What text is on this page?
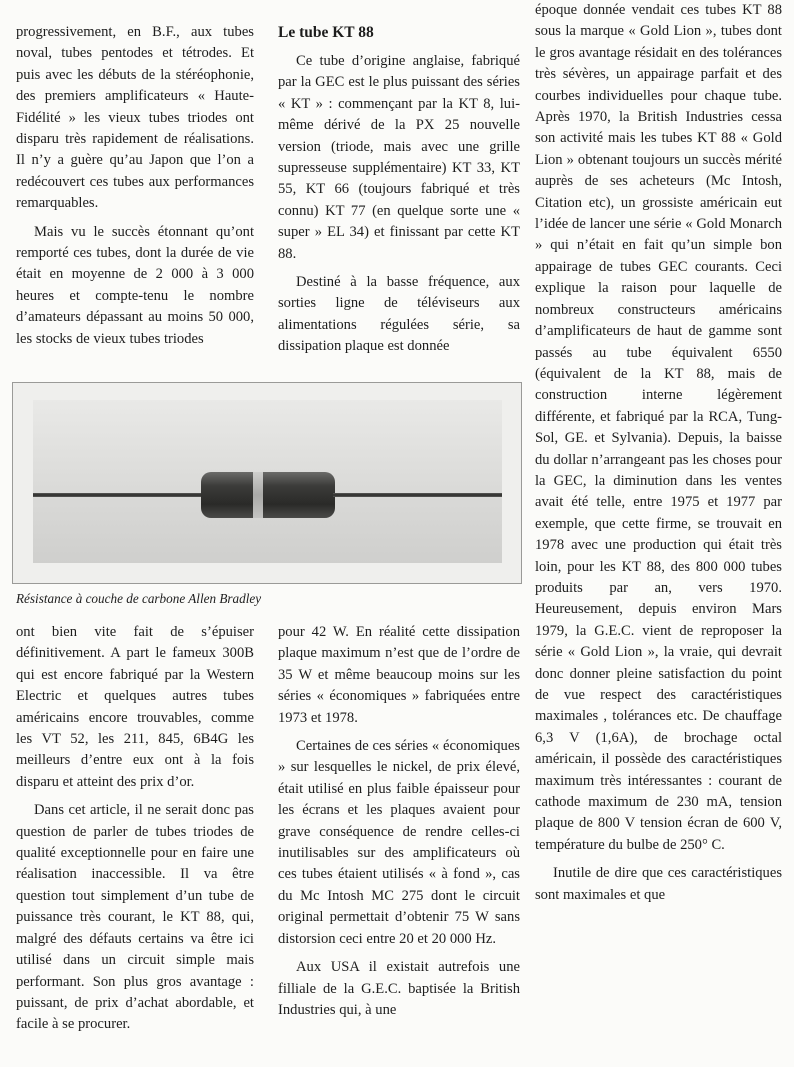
progressivement, en B.F., aux tubes noval, tubes pentodes et tétrodes. Et puis avec les débuts de la stéréophonie, des premiers amplificateurs « Haute-Fidélité » les vieux tubes triodes ont disparu très rapidement de réalisations. Il n’y a guère qu’au Japon que l’on a redécouvert ces tubes aux performances remarquables.

Mais vu le succès étonnant qu’ont remporté ces tubes, dont la durée de vie était en moyenne de 2 000 à 3 000 heures et compte-tenu le nombre d’amateurs dépassant au moins 50 000, les stocks de vieux tubes triodes

Le tube KT 88

Ce tube d’origine anglaise, fabriqué par la GEC est le plus puissant des séries « KT » : commençant par la KT 8, lui-même dérivé de la PX 25 nouvelle version (triode, mais avec une grille supresseuse supplémentaire) KT 33, KT 55, KT 66 (toujours fabriqué et très connu) KT 77 (en quelque sorte une « super » EL 34) et finissant par cette KT 88.

Destiné à la basse fréquence, aux sorties ligne de téléviseurs aux alimentations régulées série, sa dissipation plaque est donnée

époque donnée vendait ces tubes KT 88 sous la marque « Gold Lion », tubes dont le gros avantage résidait en des tolérances très sévères, un appairage parfait et des courbes individuelles pour chaque tube. Après 1970, la British Industries cessa son activité mais les tubes KT 88 « Gold Lion » obtenant toujours un succès mérité auprès de ses acheteurs (Mc Intosh, Citation etc), un grossiste américain eut l’idée de lancer une série « Gold Monarch » qui n’était en fait qu’un simple bon appairage de tubes GEC courants. Ceci explique la raison pour laquelle de nombreux constructeurs américains d’amplificateurs de haut de gamme sont passés au tube équivalent 6550 (équivalent de la KT 88, mais de construction interne légèrement différente, et fabriqué par la RCA, Tung-Sol, GE. et Sylvania). Depuis, la baisse du dollar n’arrangeant pas les choses pour la GEC, la diminution dans les ventes avait été telle, entre 1975 et 1977 par exemple, que cette firme, se trouvait en 1978 avec une production qui était très loin, pour les KT 88, des 800 000 tubes produits par an, vers 1970. Heureusement, depuis environ Mars 1979, la G.E.C. vient de reproposer la série « Gold Lion », la vraie, qui devrait donc donner pleine satisfaction du point de vue respect des caractéristiques maximales , tolérances etc. De chauffage 6,3 V (1,6A), de brochage octal américain, il possède des caractéristiques maximum très intéressantes : courant de cathode maximum de 230 mA, tension plaque de 800 V tension écran de 600 V, température du bulbe de 250° C.

Inutile de dire que ces caractéristiques sont maximales et que

Résistance à couche de carbone Allen Bradley

ont bien vite fait de s’épuiser définitivement. A part le fameux 300B qui est encore fabriqué par la Western Electric et quelques autres tubes américains encore trouvables, comme les VT 52, les 211, 845, 6B4G les meilleurs d’entre eux ont à la fois disparu et atteint des prix d’or.

Dans cet article, il ne serait donc pas question de parler de tubes triodes de qualité exceptionnelle pour en faire une réalisation inaccessible. Il va être question tout simplement d’un tube de puissance très courant, le KT 88, qui, malgré des défauts certains va être ici utilisé dans un circuit simple mais performant. Son plus gros avantage : puissant, de prix d’achat abordable, et facile à se procurer.

pour 42 W. En réalité cette dissipation plaque maximum n’est que de l’ordre de 35 W et même beaucoup moins sur les séries « économiques » fabriquées entre 1973 et 1978.

Certaines de ces séries « économiques » sur lesquelles le nickel, de prix élevé, était utilisé en plus faible épaisseur pour les écrans et les plaques avaient pour grave conséquence de rendre celles-ci inutilisables sur des amplificateurs où ces tubes étaient utilisés « à fond », cas du Mc Intosh MC 275 dont le circuit original permettait d’obtenir 75 W sans distorsion ceci entre 20 et 20 000 Hz.

Aux USA il existait autrefois une filliale de la G.E.C. baptisée la British Industries qui, à une
